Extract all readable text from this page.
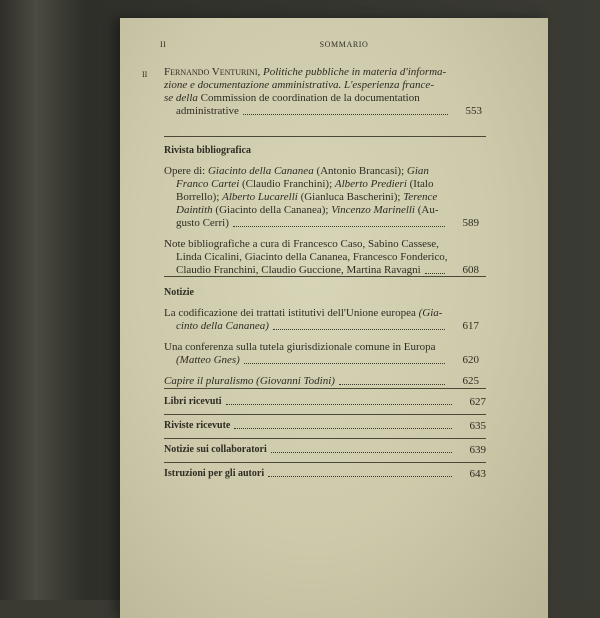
II	SOMMARIO
II Fernando Venturini, Politiche pubbliche in materia d'informa-
zione e documentazione amministrativa. L'esperienza france-
se della Commission de coordination de la documentation
administrative	553
Rivista bibliografica
Opere di: Giacinto della Cananea (Antonio Brancasi); Gian
Franco Cartei (Claudio Franchini); Alberto Predieri (Italo
Borrello); Alberto Lucarelli (Gianluca Bascherini); Terence
Daintith (Giacinto della Cananea); Vincenzo Marinelli (Au-
gusto Cerri)	589
Note bibliografiche a cura di Francesco Caso, Sabino Cassese,
Linda Cicalini, Giacinto della Cananea, Francesco Fonderico,
Claudio Franchini, Claudio Guccione, Martina Ravagni	608
Notizie
La codificazione dei trattati istitutivi dell'Unione europea (Gia-
cinto della Cananea)	617
Una conferenza sulla tutela giurisdizionale comune in Europa
(Matteo Gnes)	620
Capire il pluralismo (Giovanni Todini)	625
Libri ricevuti	627
Riviste ricevute	635
Notizie sui collaboratori	639
Istruzioni per gli autori	643
